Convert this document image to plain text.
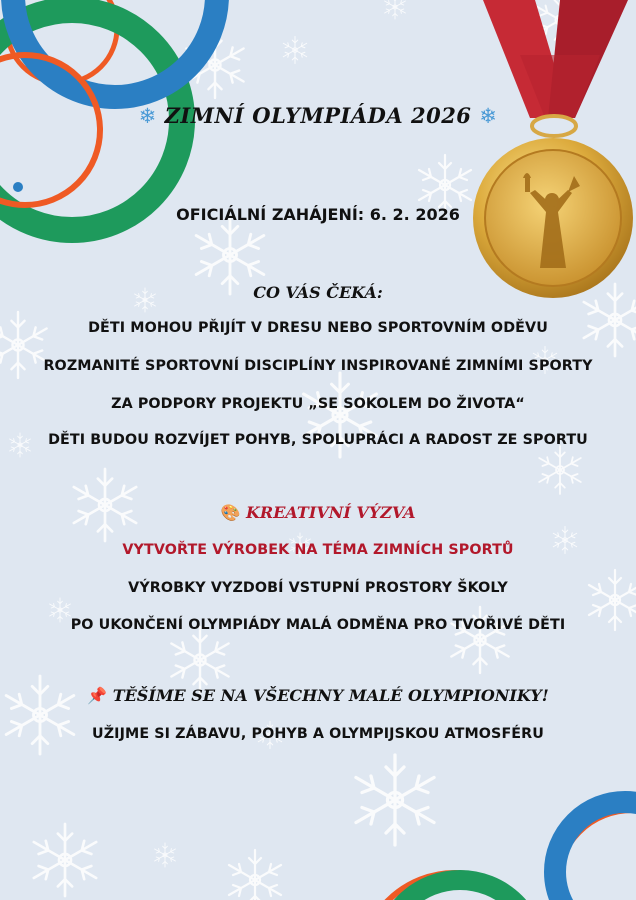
❄ ZIMNÍ OLYMPIÁDA 2026 ❄
OFICIÁLNÍ ZAHÁJENÍ: 6. 2. 2026
CO VÁS ČEKÁ:
DĚTI MOHOU PŘIJÍT V DRESU NEBO SPORTOVNÍM ODĚVU
ROZMANITÉ SPORTOVNÍ DISCIPLÍNY INSPIROVANÉ ZIMNÍMI SPORTY
ZA PODPORY PROJEKTU „SE SOKOLEM DO ŽIVOTA“
DĚTI BUDOU ROZVÍJET POHYB, SPOLUPRÁCI A RADOST ZE SPORTU
🎨 KREATIVNÍ VÝZVA
VYTVOŘTE VÝROBEK NA TÉMA ZIMNÍCH SPORTŮ
VÝROBKY VYZDOBÍ VSTUPNÍ PROSTORY ŠKOLY
PO UKONČENÍ OLYMPIÁDY MALÁ ODMĚNA PRO TVOŘIVÉ DĚTI
📌 TĚŠÍME SE NA VŠECHNY MALÉ OLYMPIONIKY!
UŽIJME SI ZÁBAVU, POHYB A OLYMPIJSKOU ATMOSFÉRU
